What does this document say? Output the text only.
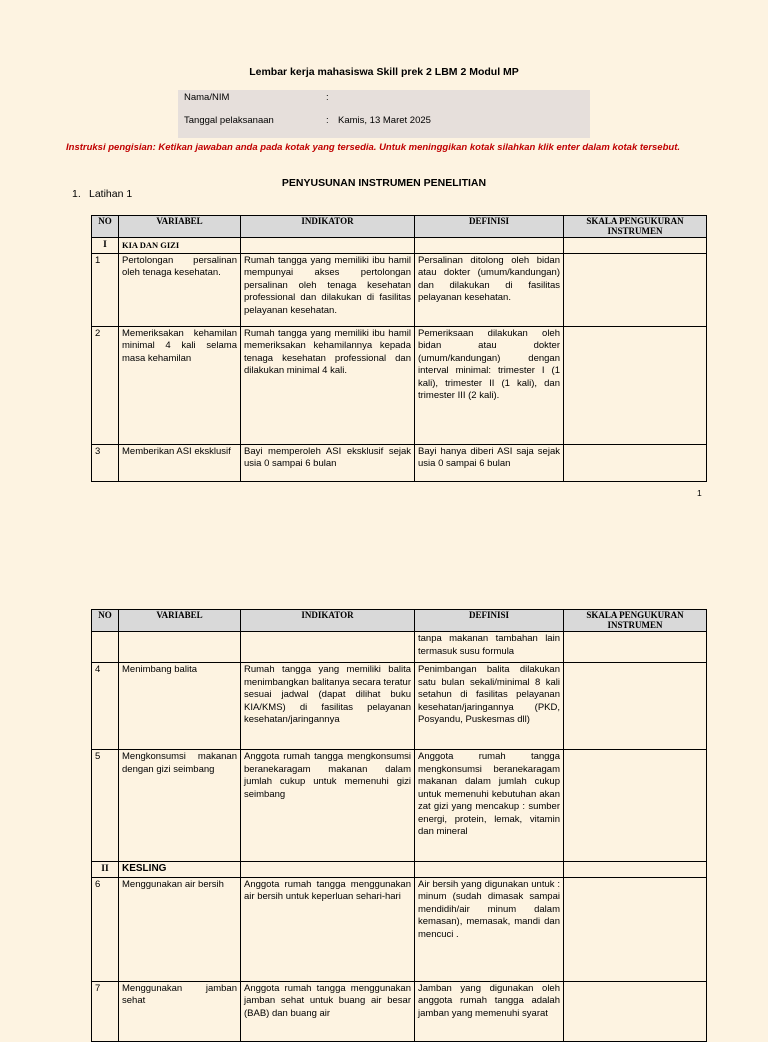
Lembar kerja mahasiswa Skill prek 2 LBM 2 Modul MP
Nama/NIM	:
Tanggal pelaksanaan	: Kamis, 13 Maret 2025
Instruksi pengisian: Ketikan jawaban anda pada kotak yang tersedia. Untuk meninggikan kotak silahkan klik enter dalam kotak tersebut.
PENYUSUNAN INSTRUMEN PENELITIAN
1. Latihan 1
NO	VARIABEL	INDIKATOR	DEFINISI	SKALA PENGUKURAN INSTRUMEN
I	KIA DAN GIZI			
1	Pertolongan persalinan oleh tenaga kesehatan.	Rumah tangga yang memiliki ibu hamil mempunyai akses pertolongan persalinan oleh tenaga kesehatan professional dan dilakukan di fasilitas pelayanan kesehatan.	Persalinan ditolong oleh bidan atau dokter (umum/kandungan) dan dilakukan di fasilitas pelayanan kesehatan.	
2	Memeriksakan kehamilan minimal 4 kali selama masa kehamilan	Rumah tangga yang memiliki ibu hamil memeriksakan kehamilannya kepada tenaga kesehatan professional dan dilakukan minimal 4 kali.	Pemeriksaan dilakukan oleh bidan atau dokter (umum/kandungan) dengan interval minimal: trimester I (1 kali), trimester II (1 kali), dan trimester III (2 kali).	
3	Memberikan ASI eksklusif	Bayi memperoleh ASI eksklusif sejak usia 0 sampai 6 bulan	Bayi hanya diberi ASI saja sejak usia 0 sampai 6 bulan	
1
NO	VARIABEL	INDIKATOR	DEFINISI	SKALA PENGUKURAN INSTRUMEN
			tanpa makanan tambahan lain termasuk susu formula	
4	Menimbang balita	Rumah tangga yang memiliki balita menimbangkan balitanya secara teratur sesuai jadwal (dapat dilihat buku KIA/KMS) di fasilitas pelayanan kesehatan/jaringannya	Penimbangan balita dilakukan satu bulan sekali/minimal 8 kali setahun di fasilitas pelayanan kesehatan/jaringannya (PKD, Posyandu, Puskesmas dll)	
5	Mengkonsumsi makanan dengan gizi seimbang	Anggota rumah tangga mengkonsumsi beranekaragam makanan dalam jumlah cukup untuk memenuhi gizi seimbang	Anggota rumah tangga mengkonsumsi beranekaragam makanan dalam jumlah cukup untuk memenuhi kebutuhan akan zat gizi yang mencakup : sumber energi, protein, lemak, vitamin dan mineral	
II	KESLING			
6	Menggunakan air bersih	Anggota rumah tangga menggunakan air bersih untuk keperluan sehari-hari	Air bersih yang digunakan untuk : minum (sudah dimasak sampai mendidih/air minum dalam kemasan), memasak, mandi dan mencuci .	
7	Menggunakan jamban sehat	Anggota rumah tangga menggunakan jamban sehat untuk buang air besar (BAB) dan buang air	Jamban yang digunakan oleh anggota rumah tangga adalah jamban yang memenuhi syarat	
